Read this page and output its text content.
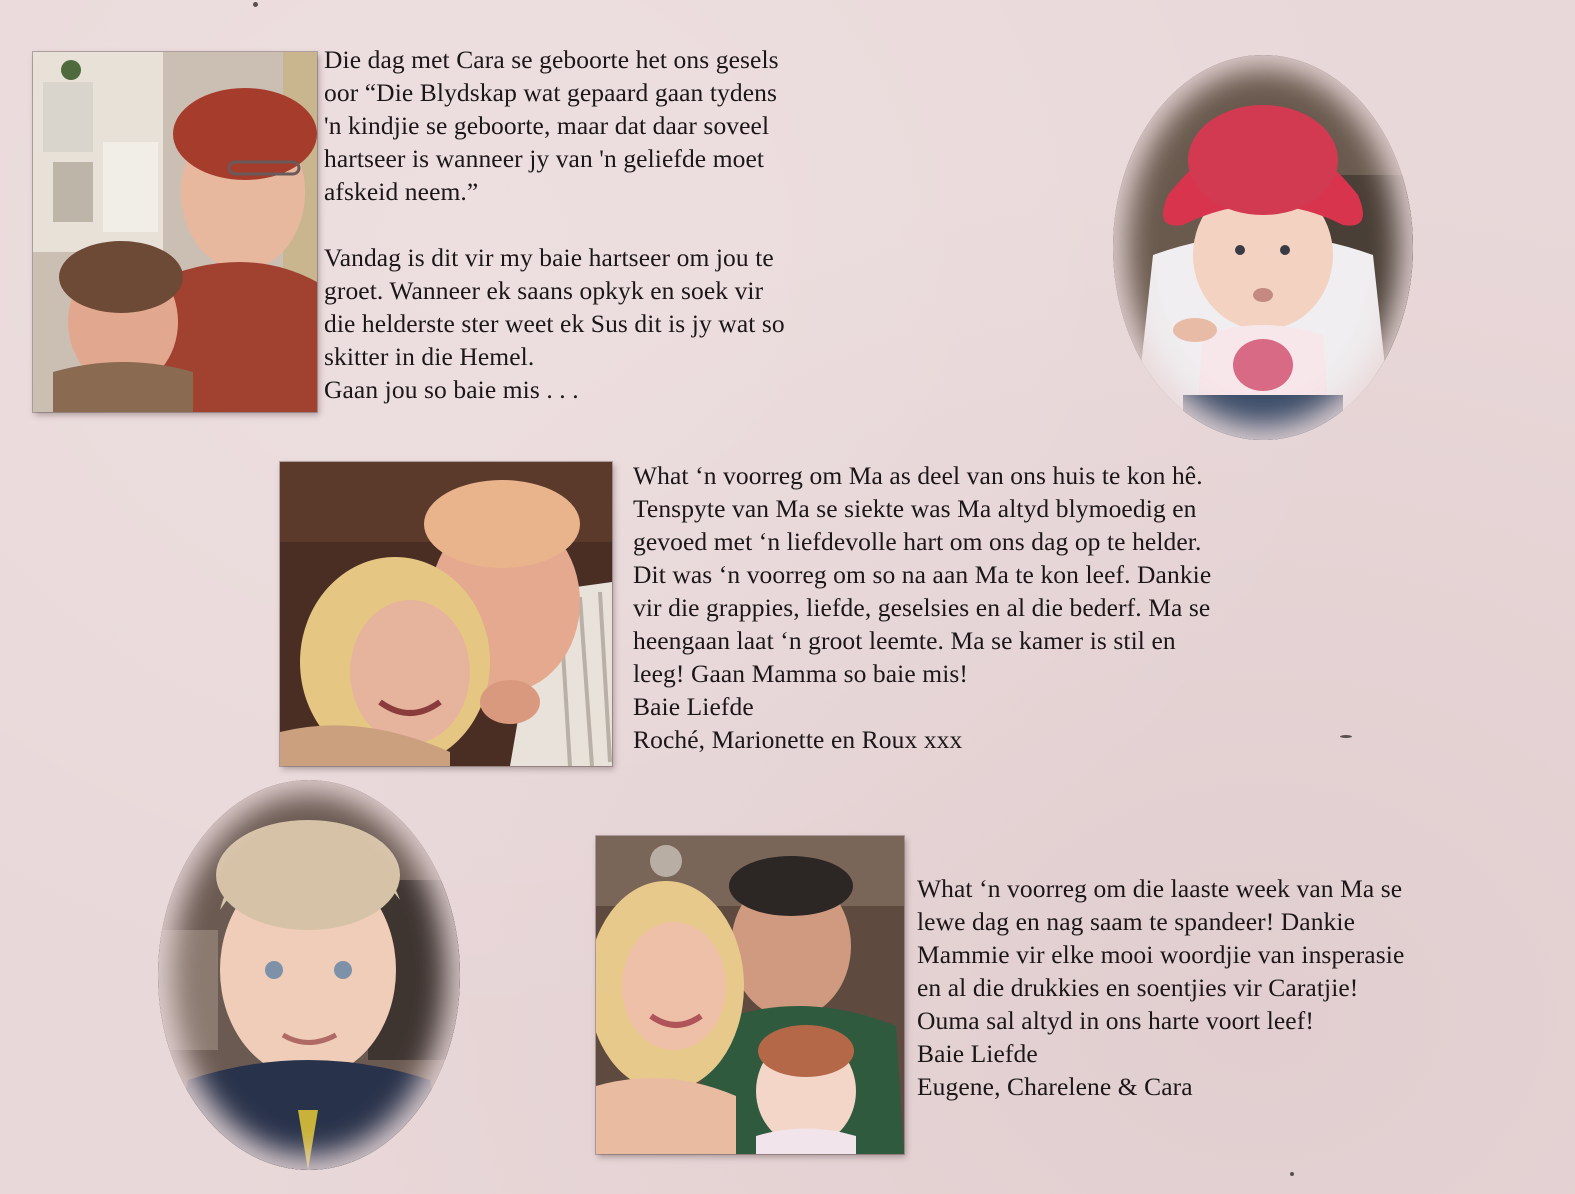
Die dag met Cara se geboorte het ons gesels
oor “Die Blydskap wat gepaard gaan tydens
'n kindjie se geboorte, maar dat daar soveel
hartseer is wanneer jy van 'n geliefde moet
afskeid neem.”
Vandag is dit vir my baie hartseer om jou te
groet. Wanneer ek saans opkyk en soek vir
die helderste ster weet ek Sus dit is jy wat so
skitter in die Hemel.
Gaan jou so baie mis . . .
What ‘n voorreg om Ma as deel van ons huis te kon hê.
Tenspyte van Ma se siekte was Ma altyd blymoedig en
gevoed met ‘n liefdevolle hart om ons dag op te helder.
Dit was ‘n voorreg om so na aan Ma te kon leef. Dankie
vir die grappies, liefde, geselsies en al die bederf. Ma se
heengaan laat ‘n groot leemte. Ma se kamer is stil en
leeg! Gaan Mamma so baie mis!
Baie Liefde
Roché, Marionette en Roux xxx
What ‘n voorreg om die laaste week van Ma se
lewe dag en nag saam te spandeer! Dankie
Mammie vir elke mooi woordjie van insperasie
en al die drukkies en soentjies vir Caratjie!
Ouma sal altyd in ons harte voort leef!
Baie Liefde
Eugene, Charelene & Cara
